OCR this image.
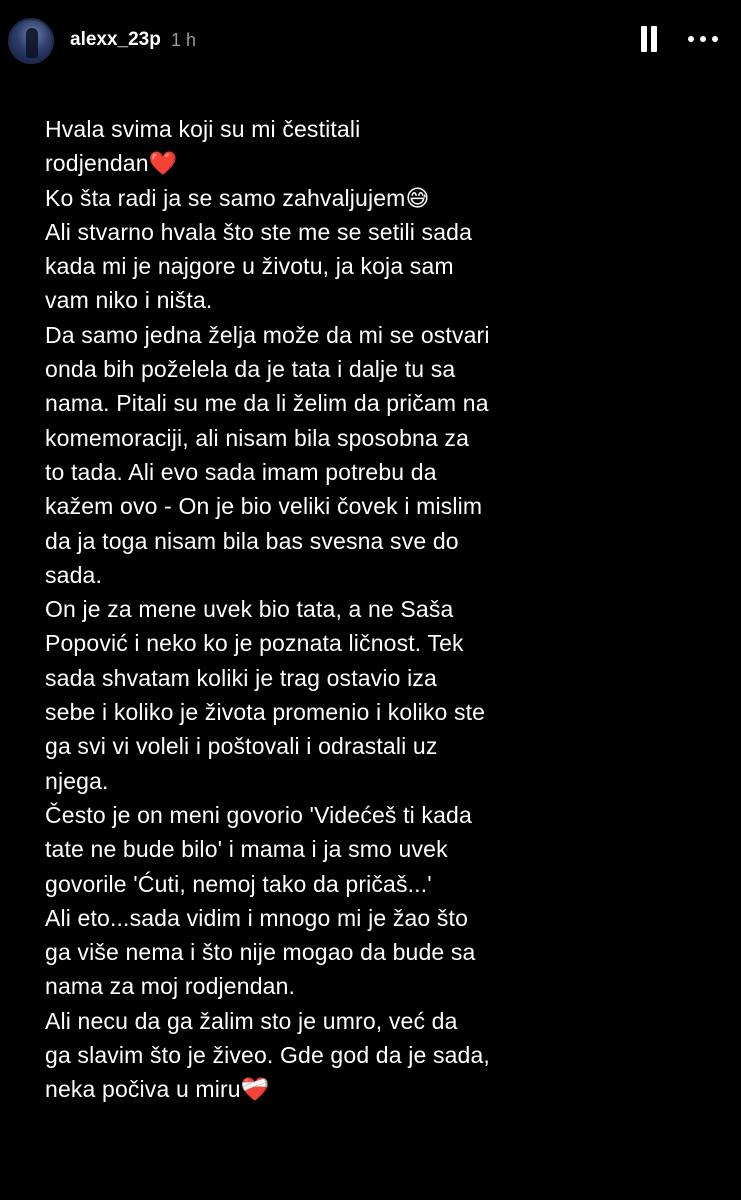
alexx_23p 1 h
Hvala svima koji su mi čestitali
rodjendan❤️
Ko šta radi ja se samo zahvaljujem😅
Ali stvarno hvala što ste me se setili sada
kada mi je najgore u životu, ja koja sam
vam niko i ništa.
Da samo jedna želja može da mi se ostvari
onda bih poželela da je tata i dalje tu sa
nama. Pitali su me da li želim da pričam na
komemoraciji, ali nisam bila sposobna za
to tada. Ali evo sada imam potrebu da
kažem ovo - On je bio veliki čovek i mislim
da ja toga nisam bila bas svesna sve do
sada.
On je za mene uvek bio tata, a ne Saša
Popović i neko ko je poznata ličnost. Tek
sada shvatam koliki je trag ostavio iza
sebe i koliko je života promenio i koliko ste
ga svi vi voleli i poštovali i odrastali uz
njega.
Često je on meni govorio 'Videćeš ti kada
tate ne bude bilo' i mama i ja smo uvek
govorile 'Ćuti, nemoj tako da pričaš...'
Ali eto...sada vidim i mnogo mi je žao što
ga više nema i što nije mogao da bude sa
nama za moj rodjendan.
Ali necu da ga žalim sto je umro, već da
ga slavim što je živeo. Gde god da je sada,
neka počiva u miru❤️‍🩹
